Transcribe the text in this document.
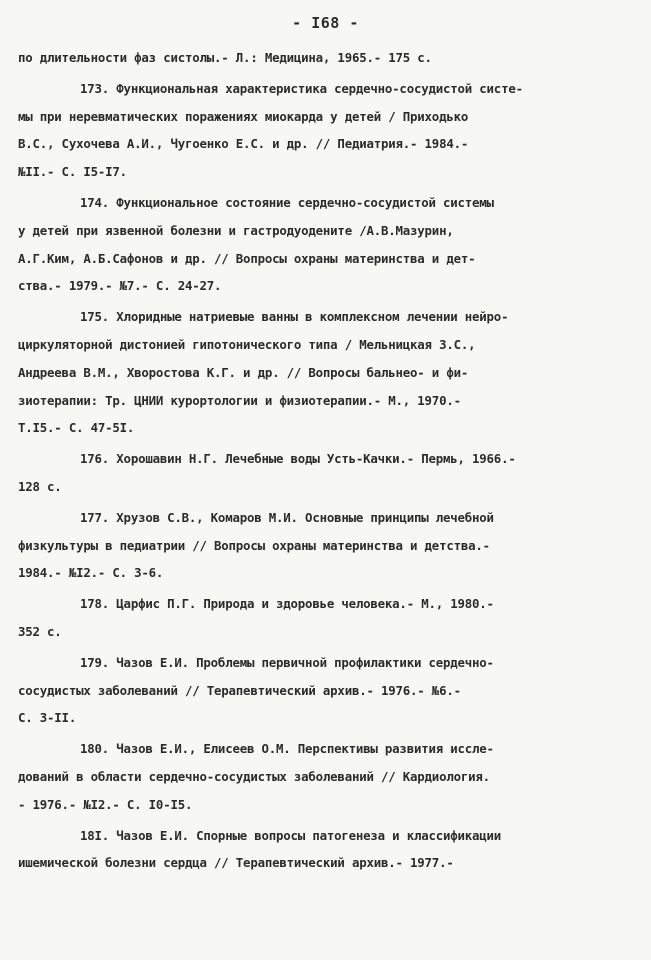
- I68 -
по длительности фаз систолы.- Л.: Медицина, 1965.- 175 с.
173. Функциональная характеристика сердечно-сосудистой систе-
мы при неревматических поражениях миокарда у детей / Приходько
В.С., Сухочева А.И., Чугоенко Е.С. и др. // Педиатрия.- 1984.-
№II.- С. I5-I7.
174. Функциональное состояние сердечно-сосудистой системы
у детей при язвенной болезни и гастродуодените /А.В.Мазурин,
А.Г.Ким, А.Б.Сафонов и др. // Вопросы охраны материнства и дет-
ства.- 1979.- №7.- С. 24-27.
175. Хлоридные натриевые ванны в комплексном лечении нейро-
циркуляторной дистонией гипотонического типа / Мельницкая З.С.,
Андреева В.М., Хворостова К.Г. и др. // Вопросы бальнео- и фи-
зиотерапии: Тр. ЦНИИ курортологии и физиотерапии.- М., 1970.-
Т.I5.- С. 47-5I.
176. Хорошавин Н.Г. Лечебные воды Усть-Качки.- Пермь, 1966.-
128 с.
177. Хрузов С.В., Комаров М.И. Основные принципы лечебной
физкультуры в педиатрии // Вопросы охраны материнства и детства.-
1984.- №I2.- С. 3-6.
178. Царфис П.Г. Природа и здоровье человека.- М., 1980.-
352 с.
179. Чазов Е.И. Проблемы первичной профилактики сердечно-
сосудистых заболеваний // Терапевтический архив.- 1976.- №6.-
С. 3-II.
180. Чазов Е.И., Елисеев О.М. Перспективы развития иссле-
дований в области сердечно-сосудистых заболеваний // Кардиология.
- 1976.- №I2.- С. I0-I5.
18I. Чазов Е.И. Спорные вопросы патогенеза и классификации
ишемической болезни сердца // Терапевтический архив.- 1977.-
